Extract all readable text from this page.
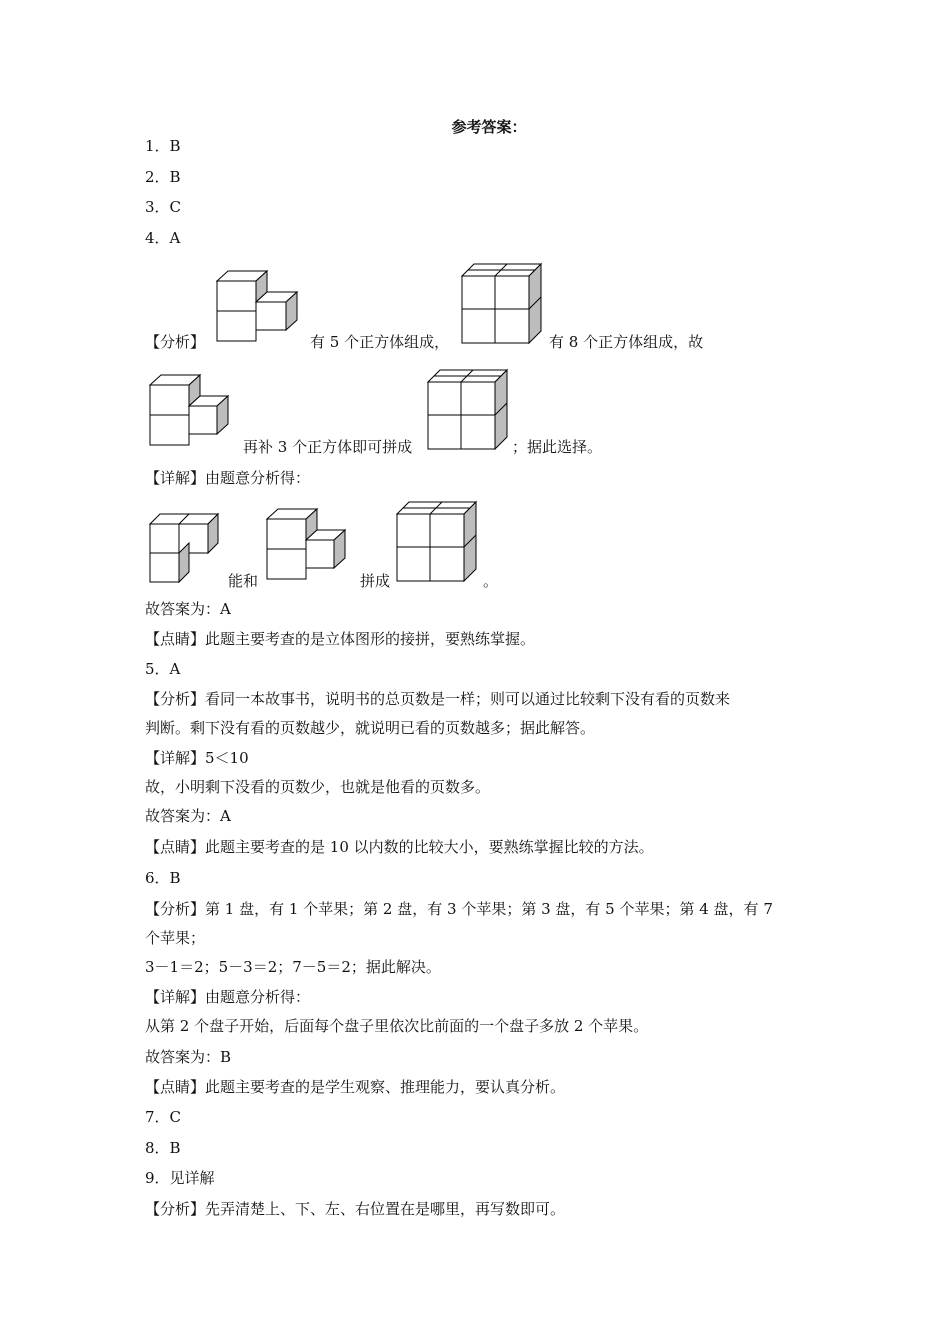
参考答案：
1．B
2．B
3．C
4．A
【分析】	有 5 个正方体组成，	有 8 个正方体组成，故
再补 3 个正方体即可拼成	；据此选择。
【详解】由题意分析得：
能和	拼成	。
故答案为：A
【点睛】此题主要考查的是立体图形的接拼，要熟练掌握。
5．A
【分析】看同一本故事书，说明书的总页数是一样；则可以通过比较剩下没有看的页数来
判断。剩下没有看的页数越少，就说明已看的页数越多；据此解答。
【详解】5＜10
故，小明剩下没看的页数少，也就是他看的页数多。
故答案为：A
【点睛】此题主要考查的是 10 以内数的比较大小，要熟练掌握比较的方法。
6．B
【分析】第 1 盘，有 1 个苹果；第 2 盘，有 3 个苹果；第 3 盘，有 5 个苹果；第 4 盘，有 7
个苹果；
3－1＝2；5－3＝2；7－5＝2；据此解决。
【详解】由题意分析得：
从第 2 个盘子开始，后面每个盘子里依次比前面的一个盘子多放 2 个苹果。
故答案为：B
【点睛】此题主要考查的是学生观察、推理能力，要认真分析。
7．C
8．B
9．见详解
【分析】先弄清楚上、下、左、右位置在是哪里，再写数即可。
